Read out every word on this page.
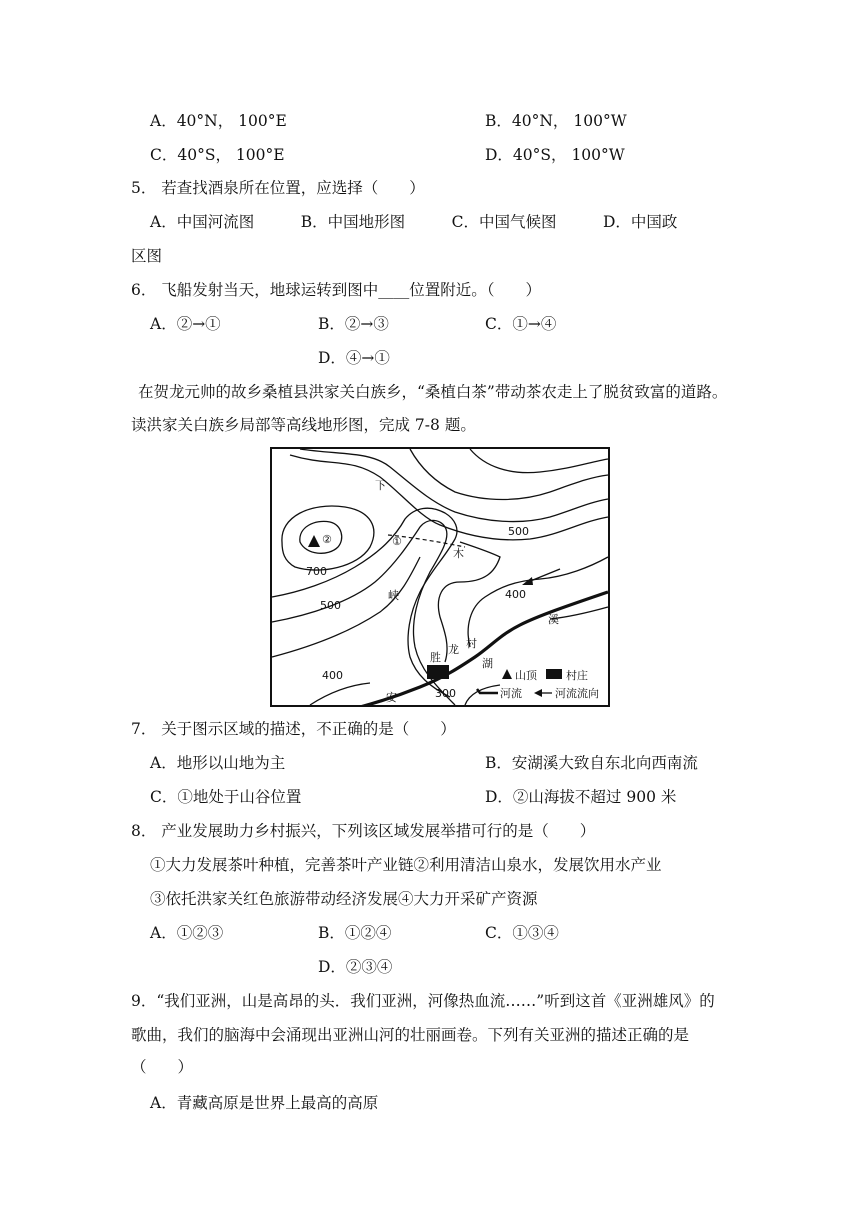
A．40°N， 100°E	B．40°N， 100°W
C．40°S， 100°E	D．40°S， 100°W
5． 若查找酒泉所在位置，应选择（　　）
A．中国河流图　　　B．中国地形图　　　C．中国气候图　　　D．中国政
区图
6． 飞船发射当天，地球运转到图中____位置附近。（　　）
A．②→①	B．②→③	C．①→④
D．④→①
在贺龙元帅的故乡桑植县洪家关白族乡，“桑植白茶”带动茶农走上了脱贫致富的道路。
读洪家关白族乡局部等高线地形图，完成 7-8 题。
②	①
700
500
500
400
400
300
下
木
峡
胜
龙 村
湖
溪
安
山顶	村庄
河流	河流流向
7． 关于图示区域的描述，不正确的是（　　）
A．地形以山地为主	B．安湖溪大致自东北向西南流
C．①地处于山谷位置	D．②山海拔不超过 900 米
8． 产业发展助力乡村振兴，下列该区域发展举措可行的是（　　）
①大力发展茶叶种植，完善茶叶产业链②利用清洁山泉水，发展饮用水产业
③依托洪家关红色旅游带动经济发展④大力开采矿产资源
A．①②③	B．①②④	C．①③④
D．②③④
9．“我们亚洲，山是高昂的头．我们亚洲，河像热血流……”听到这首《亚洲雄风》的
歌曲，我们的脑海中会涌现出亚洲山河的壮丽画卷。下列有关亚洲的描述正确的是
（　　）
A．青藏高原是世界上最高的高原
